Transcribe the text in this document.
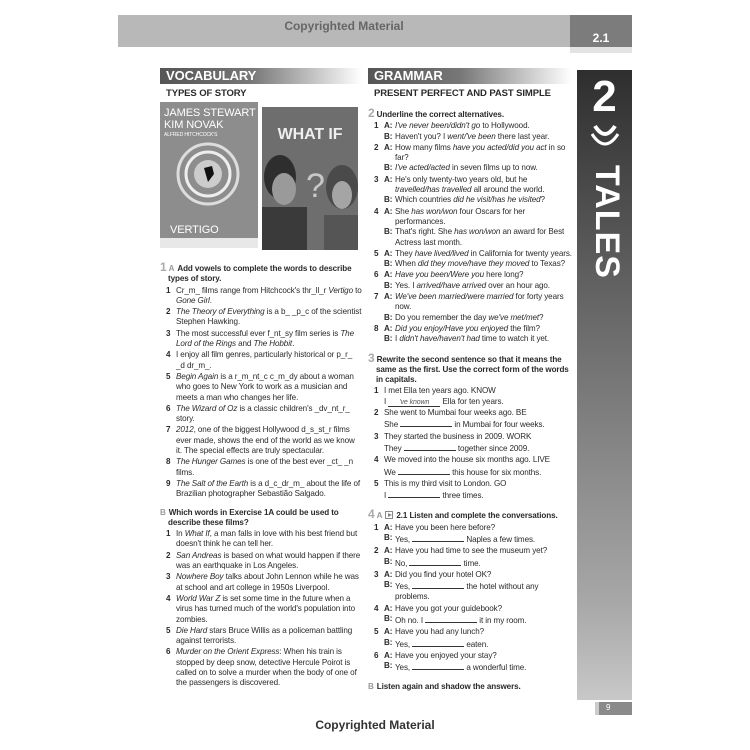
Copyrighted Material
2.1
2
TALES
VOCABULARY
TYPES OF STORY
JAMES STEWART
KIM NOVAK
ALFRED HITCHCOCK'S
VERTIGO
WHAT IF
?
1 A Add vowels to complete the words to describe types of story.
1 Cr_m_ films range from Hitchcock's thr_ll_r Vertigo to Gone Girl.
2 The Theory of Everything is a b_ _p_c of the scientist Stephen Hawking.
3 The most successful ever f_nt_sy film series is The Lord of the Rings and The Hobbit.
4 I enjoy all film genres, particularly historical or p_r_ _d dr_m_.
5 Begin Again is a r_m_nt_c c_m_dy about a woman who goes to New York to work as a musician and meets a man who changes her life.
6 The Wizard of Oz is a classic children's _dv_nt_r_ story.
7 2012, one of the biggest Hollywood d_s_st_r films ever made, shows the end of the world as we know it. The special effects are truly spectacular.
8 The Hunger Games is one of the best ever _ct_ _n films.
9 The Salt of the Earth is a d_c_dr_m_ about the life of Brazilian photographer Sebastião Salgado.
B Which words in Exercise 1A could be used to describe these films?
1 In What If, a man falls in love with his best friend but doesn't think he can tell her.
2 San Andreas is based on what would happen if there was an earthquake in Los Angeles.
3 Nowhere Boy talks about John Lennon while he was at school and art college in 1950s Liverpool.
4 World War Z is set some time in the future when a virus has turned much of the world's population into zombies.
5 Die Hard stars Bruce Willis as a policeman battling against terrorists.
6 Murder on the Orient Express: When his train is stopped by deep snow, detective Hercule Poirot is called on to solve a murder when the body of one of the passengers is discovered.
GRAMMAR
PRESENT PERFECT AND PAST SIMPLE
2 Underline the correct alternatives.
1 A: I've never been/didn't go to Hollywood.
B: Haven't you? I went/'ve been there last year.
2 A: How many films have you acted/did you act in so far?
B: I've acted/acted in seven films up to now.
3 A: He's only twenty-two years old, but he travelled/has travelled all around the world.
B: Which countries did he visit/has he visited?
4 A: She has won/won four Oscars for her performances.
B: That's right. She has won/won an award for Best Actress last month.
5 A: They have lived/lived in California for twenty years.
B: When did they move/have they moved to Texas?
6 A: Have you been/Were you here long?
B: Yes. I arrived/have arrived over an hour ago.
7 A: We've been married/were married for forty years now.
B: Do you remember the day we've met/met?
8 A: Did you enjoy/Have you enjoyed the film?
B: I didn't have/haven't had time to watch it yet.
3 Rewrite the second sentence so that it means the same as the first. Use the correct form of the words in capitals.
1 I met Ella ten years ago. KNOW
I 've known Ella for ten years.
2 She went to Mumbai four weeks ago. BE
She	in Mumbai for four weeks.
3 They started the business in 2009. WORK
They	together since 2009.
4 We moved into the house six months ago. LIVE
We	this house for six months.
5 This is my third visit to London. GO
I	three times.
4 A 2.1 Listen and complete the conversations.
1 A: Have you been here before?
B: Yes,	Naples a few times.
2 A: Have you had time to see the museum yet?
B: No,	time.
3 A: Did you find your hotel OK?
B: Yes,	the hotel without any problems.
4 A: Have you got your guidebook?
B: Oh no. I	it in my room.
5 A: Have you had any lunch?
B: Yes,	eaten.
6 A: Have you enjoyed your stay?
B: Yes,	a wonderful time.
B Listen again and shadow the answers.
9
Copyrighted Material
